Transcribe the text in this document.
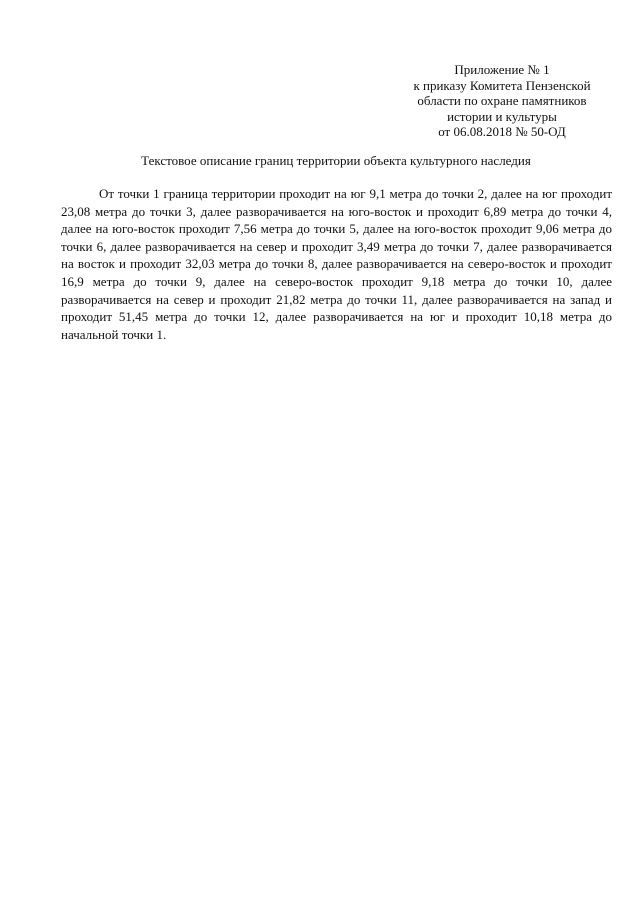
Приложение № 1
к приказу Комитета Пензенской
области по охране памятников
истории и культуры
от 06.08.2018 № 50-ОД
Текстовое описание границ территории объекта культурного наследия

От точки 1 граница территории проходит на юг 9,1 метра до точки 2, далее на юг проходит 23,08 метра до точки 3, далее разворачивается на юго-восток и проходит 6,89 метра до точки 4, далее на юго-восток проходит 7,56 метра до точки 5, далее на юго-восток проходит 9,06 метра до точки 6, далее разворачивается на север и проходит 3,49 метра до точки 7, далее разворачивается на восток и проходит 32,03 метра до точки 8, далее разворачивается на северо-восток и проходит 16,9 метра до точки 9, далее на северо-восток проходит 9,18 метра до точки 10, далее разворачивается на север и проходит 21,82 метра до точки 11, далее разворачивается на запад и проходит 51,45 метра до точки 12, далее разворачивается на юг и проходит 10,18 метра до начальной точки 1.
